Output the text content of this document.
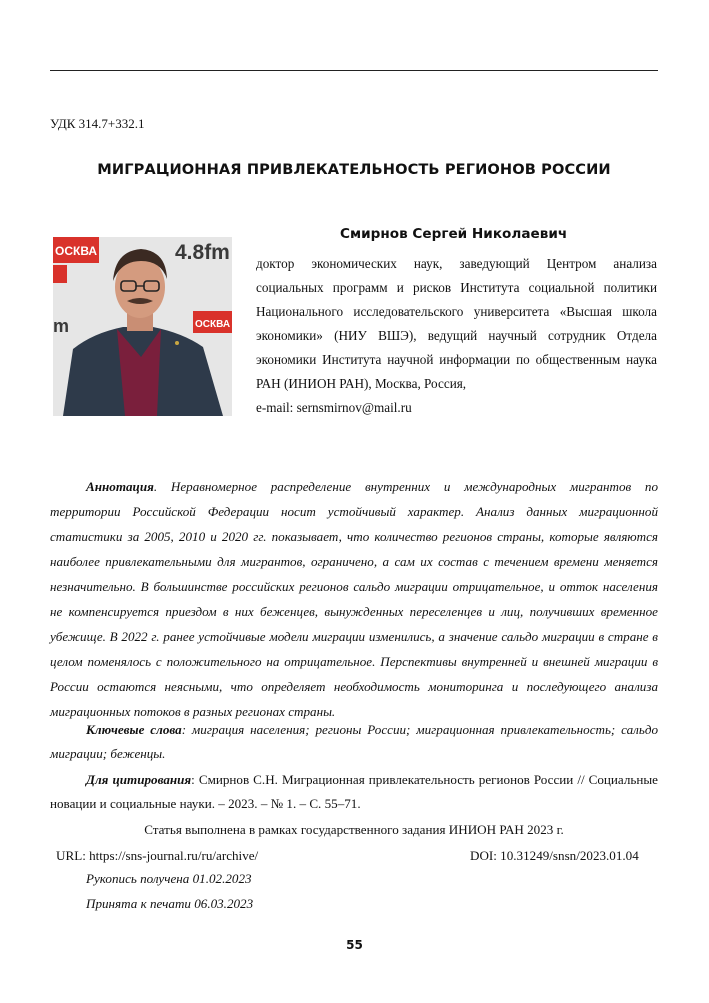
УДК 314.7+332.1
МИГРАЦИОННАЯ ПРИВЛЕКАТЕЛЬНОСТЬ РЕГИОНОВ РОССИИ
ОСКВА	4.8fm
ОСКВА
m
Смирнов Сергей Николаевич

доктор экономических наук, заведующий Центром анализа социальных программ и рисков Института социальной политики Национального исследовательского университета «Высшая школа экономики» (НИУ ВШЭ), ведущий научный сотрудник Отдела экономики Института научной информации по общественным наука РАН (ИНИОН РАН), Москва, Россия,

e-mail: sernsmirnov@mail.ru

Аннотация. Неравномерное распределение внутренних и международных мигрантов по территории Российской Федерации носит устойчивый характер. Анализ данных миграционной статистики за 2005, 2010 и 2020 гг. показывает, что количество регионов страны, которые являются наиболее привлекательными для мигрантов, ограничено, а сам их состав с течением времени меняется незначительно. В большинстве российских регионов сальдо миграции отрицательное, и отток населения не компенсируется приездом в них беженцев, вынужденных переселенцев и лиц, получивших временное убежище. В 2022 г. ранее устойчивые модели миграции изменились, а значение сальдо миграции в стране в целом поменялось с положительного на отрицательное. Перспективы внутренней и внешней миграции в России остаются неясными, что определяет необходимость мониторинга и последующего анализа миграционных потоков в разных регионах страны.

Ключевые слова: миграция населения; регионы России; миграционная привлекательность; сальдо миграции; беженцы.

Для цитирования: Смирнов С.Н. Миграционная привлекательность регионов России // Социальные новации и социальные науки. – 2023. – № 1. – С. 55–71.

Статья выполнена в рамках государственного задания ИНИОН РАН 2023 г.
URL: https://sns-journal.ru/ru/archive/	DOI: 10.31249/snsn/2023.01.04
Рукопись получена 01.02.2023
Принята к печати 06.03.2023
55
